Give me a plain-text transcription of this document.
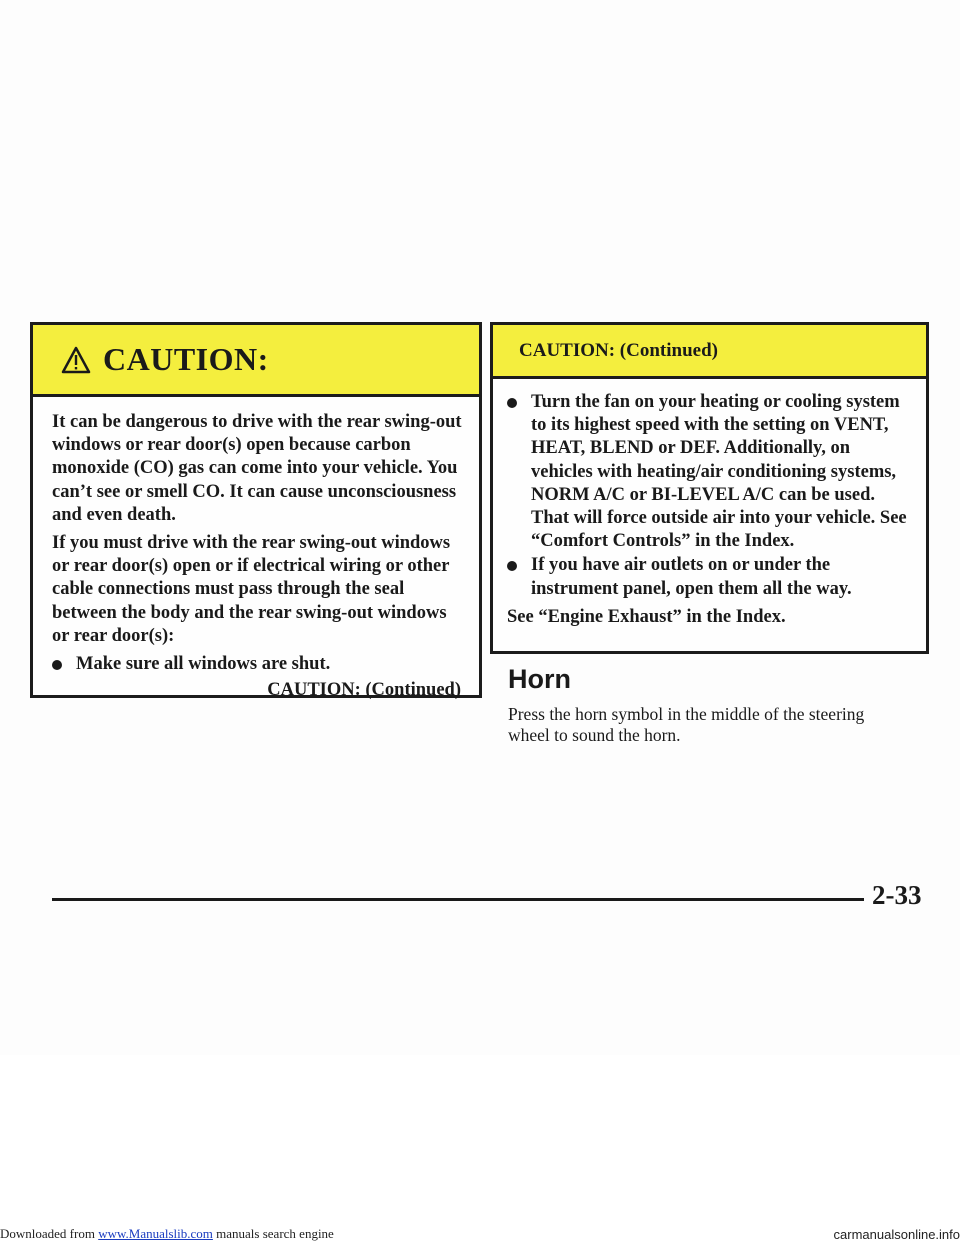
CAUTION:

It can be dangerous to drive with the rear swing-out windows or rear door(s) open because carbon monoxide (CO) gas can come into your vehicle. You can’t see or smell CO. It can cause unconsciousness and even death.

If you must drive with the rear swing-out windows or rear door(s) open or if electrical wiring or other cable connections must pass through the seal between the body and the rear swing-out windows or rear door(s):

Make sure all windows are shut.
CAUTION: (Continued)
CAUTION: (Continued)
Turn the fan on your heating or cooling system to its highest speed with the setting on VENT, HEAT, BLEND or DEF. Additionally, on vehicles with heating/air conditioning systems, NORM A/C or BI-LEVEL A/C can be used. That will force outside air into your vehicle. See “Comfort Controls” in the Index.
If you have air outlets on or under the instrument panel, open them all the way.
See “Engine Exhaust” in the Index.
Horn

Press the horn symbol in the middle of the steering wheel to sound the horn.

2-33
Downloaded from www.Manualslib.com manuals search engine	carmanualsonline.info
